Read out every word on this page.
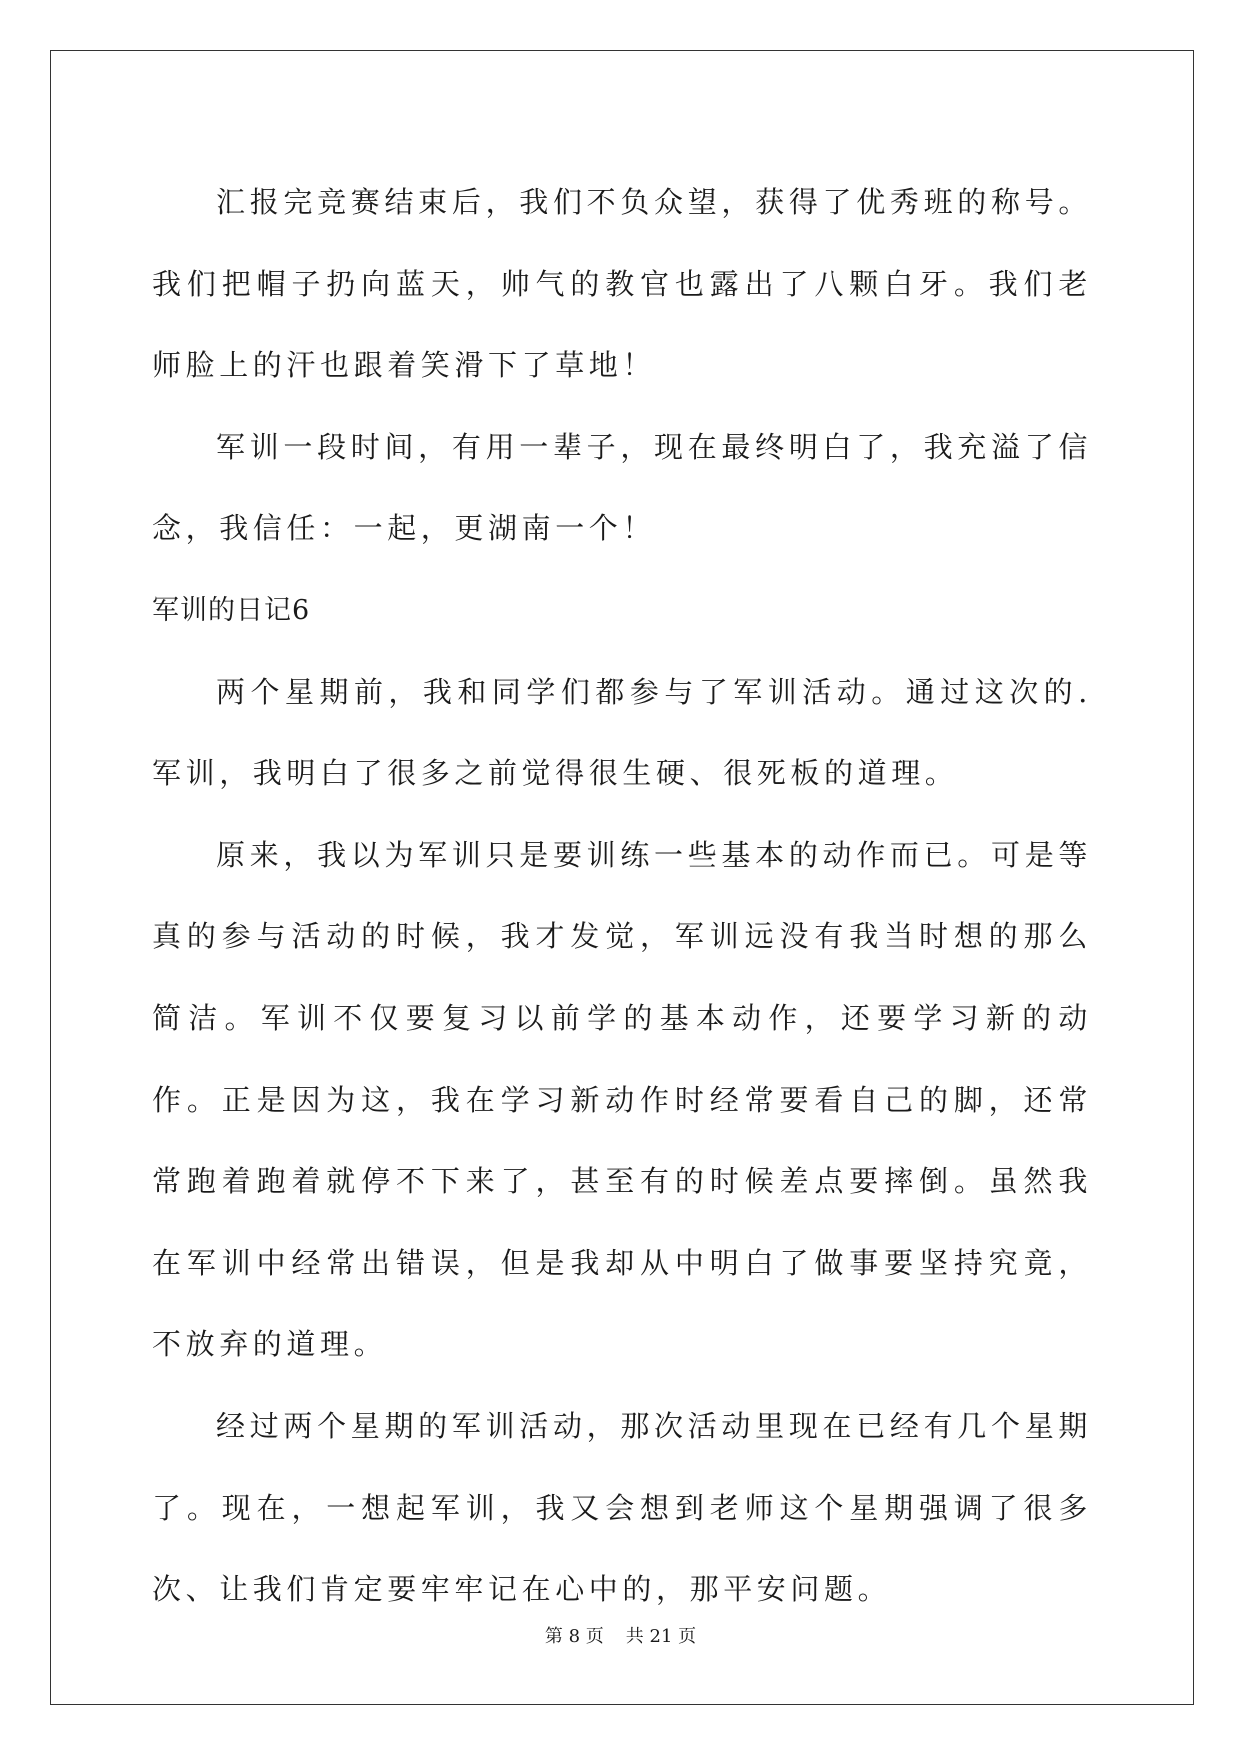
汇报完竞赛结束后，我们不负众望，获得了优秀班的称号。我们把帽子扔向蓝天，帅气的教官也露出了八颗白牙。我们老师脸上的汗也跟着笑滑下了草地！

军训一段时间，有用一辈子，现在最终明白了，我充溢了信念，我信任：一起，更湖南一个！

军训的日记6

两个星期前，我和同学们都参与了军训活动。通过这次的.军训，我明白了很多之前觉得很生硬、很死板的道理。

原来，我以为军训只是要训练一些基本的动作而已。可是等真的参与活动的时候，我才发觉，军训远没有我当时想的那么简洁。军训不仅要复习以前学的基本动作，还要学习新的动作。正是因为这，我在学习新动作时经常要看自己的脚，还常常跑着跑着就停不下来了，甚至有的时候差点要摔倒。虽然我在军训中经常出错误，但是我却从中明白了做事要坚持究竟，不放弃的道理。

经过两个星期的军训活动，那次活动里现在已经有几个星期了。现在，一想起军训，我又会想到老师这个星期强调了很多次、让我们肯定要牢牢记在心中的，那平安问题。

第 8 页 共 21 页
